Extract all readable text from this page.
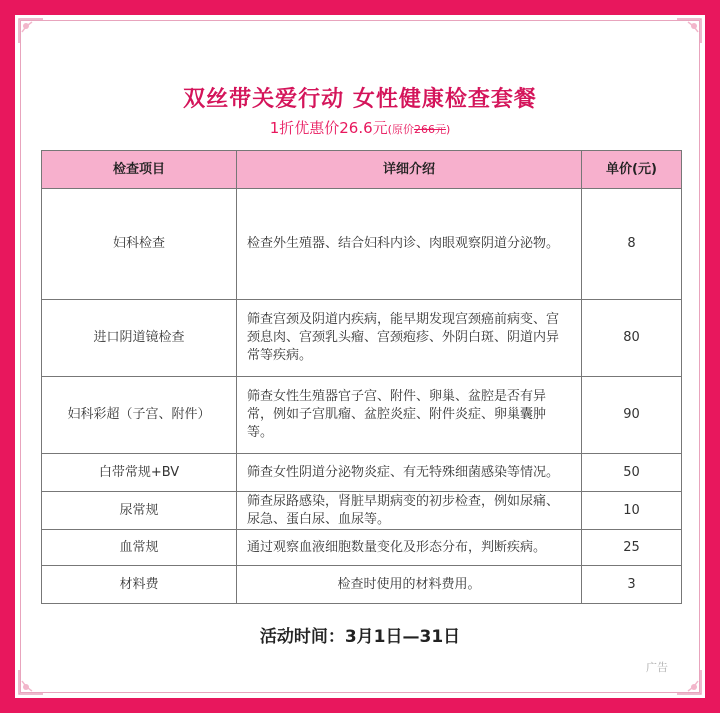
双丝带关爱行动 女性健康检查套餐
1折优惠价26.6元(原价266元)
检查项目	详细介绍	单价(元)
妇科检查	检查外生殖器、结合妇科内诊、肉眼观察阴道分泌物。	8
进口阴道镜检查	筛查宫颈及阴道内疾病，能早期发现宫颈癌前病变、宫颈息肉、宫颈乳头瘤、宫颈疱疹、外阴白斑、阴道内异常等疾病。	80
妇科彩超（子宫、附件）	筛查女性生殖器官子宫、附件、卵巢、盆腔是否有异常，例如子宫肌瘤、盆腔炎症、附件炎症、卵巢囊肿等。	90
白带常规+BV	筛查女性阴道分泌物炎症、有无特殊细菌感染等情况。	50
尿常规	筛查尿路感染，肾脏早期病变的初步检查，例如尿痛、尿急、蛋白尿、血尿等。	10
血常规	通过观察血液细胞数量变化及形态分布，判断疾病。	25
材料费	检查时使用的材料费用。	3
活动时间：3月1日—31日
广告
